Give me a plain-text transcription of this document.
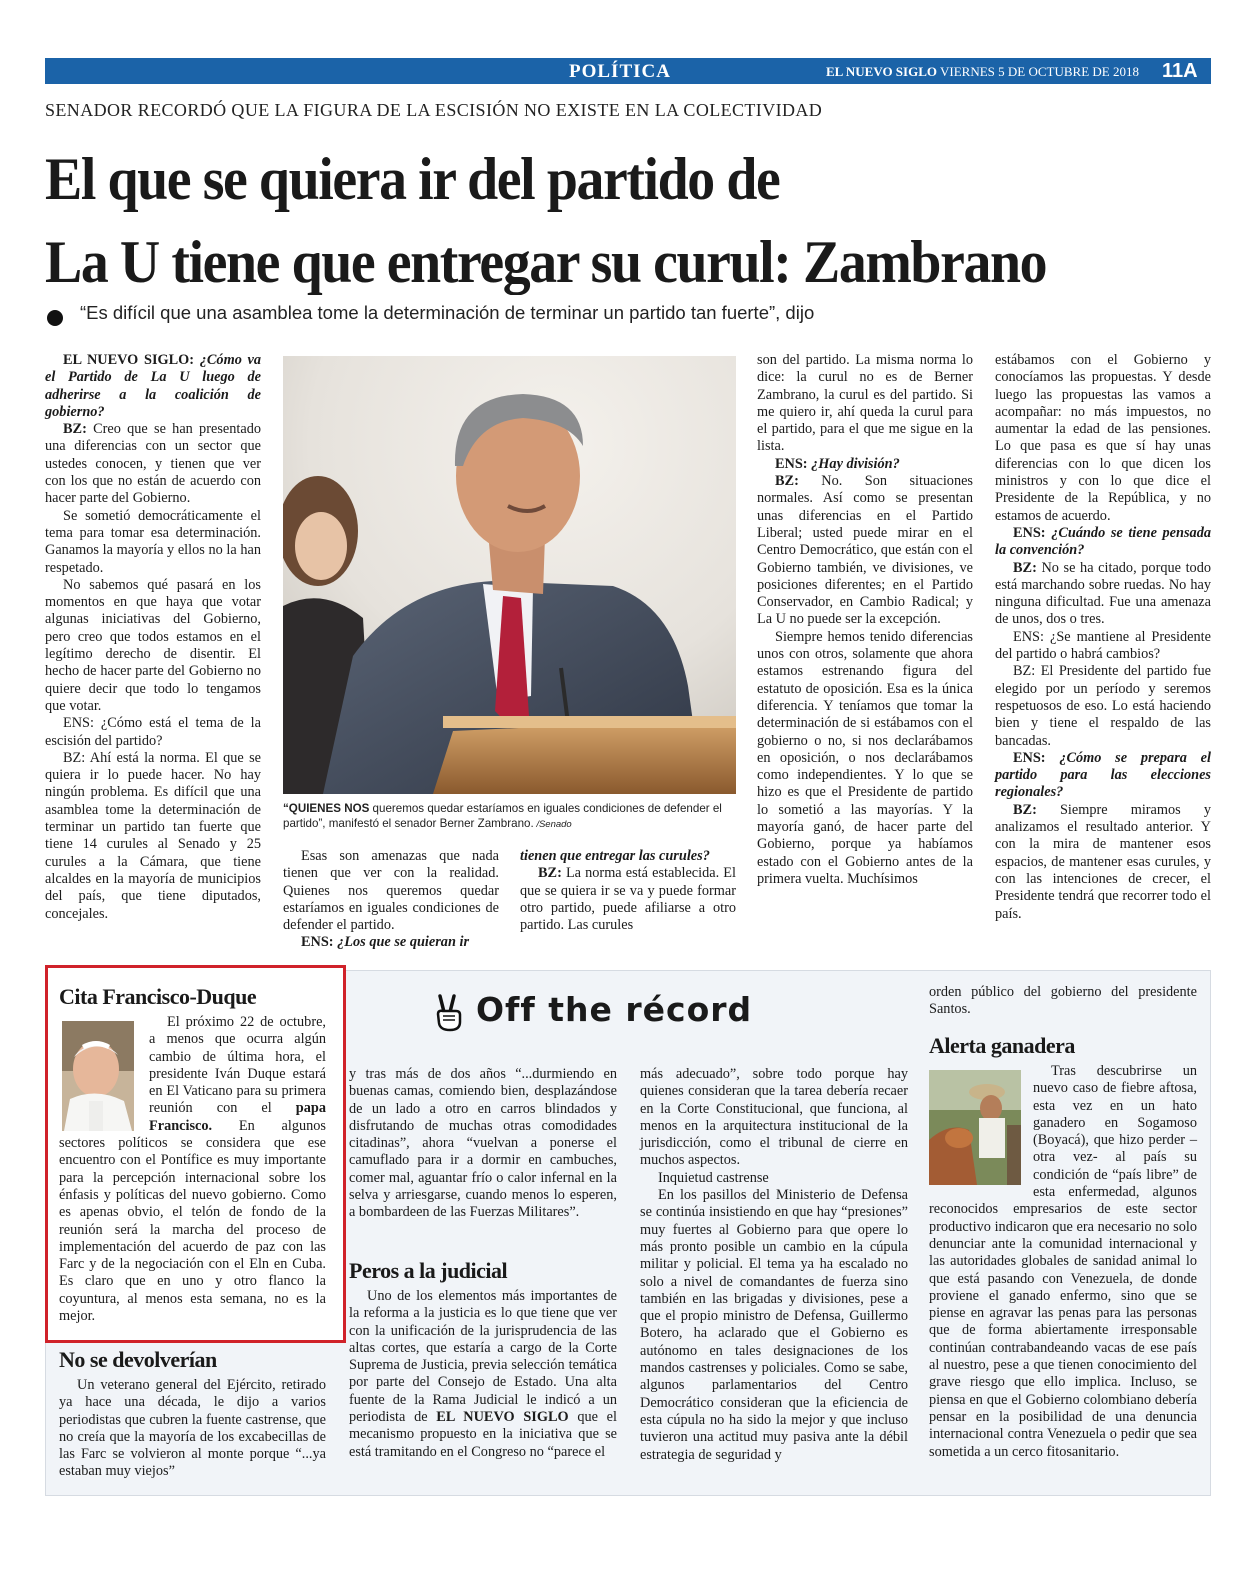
POLÍTICA	EL NUEVO SIGLO VIERNES 5 DE OCTUBRE DE 2018 11A
SENADOR RECORDÓ QUE LA FIGURA DE LA ESCISIÓN NO EXISTE EN LA COLECTIVIDAD
El que se quiera ir del partido de
La U tiene que entregar su curul: Zambrano
“Es difícil que una asamblea tome la determinación de terminar un partido tan fuerte”, dijo

EL NUEVO SIGLO: ¿Cómo va el Partido de La U luego de adherirse a la coalición de gobierno?

BZ: Creo que se han presentado una diferencias con un sector que ustedes conocen, y tienen que ver con los que no están de acuerdo con hacer parte del Gobierno.

Se sometió democráticamente el tema para tomar esa determinación. Ganamos la mayoría y ellos no la han respetado.

No sabemos qué pasará en los momentos en que haya que votar algunas iniciativas del Gobierno, pero creo que todos estamos en el legítimo derecho de disentir. El hecho de hacer parte del Gobierno no quiere decir que todo lo tengamos que votar.

ENS: ¿Cómo está el tema de la escisión del partido?

BZ: Ahí está la norma. El que se quiera ir lo puede hacer. No hay ningún problema. Es difícil que una asamblea tome la determinación de terminar un partido tan fuerte que tiene 14 curules al Senado y 25 curules a la Cámara, que tiene alcaldes en la mayoría de municipios del país, que tiene diputados, concejales.

Esas son amenazas que nada tienen que ver con la realidad. Quienes nos queremos quedar estaríamos en iguales condiciones de defender el partido.

ENS: ¿Los que se quieran ir

tienen que entregar las curules?

BZ: La norma está establecida. El que se quiera ir se va y puede formar otro partido, puede afiliarse a otro partido. Las curules

son del partido. La misma norma lo dice: la curul no es de Berner Zambrano, la curul es del partido. Si me quiero ir, ahí queda la curul para el partido, para el que me sigue en la lista.

ENS: ¿Hay división?

BZ: No. Son situaciones normales. Así como se presentan unas diferencias en el Partido Liberal; usted puede mirar en el Centro Democrático, que están con el Gobierno también, ve divisiones, ve posiciones diferentes; en el Partido Conservador, en Cambio Radical; y La U no puede ser la excepción.

Siempre hemos tenido diferencias unos con otros, solamente que ahora estamos estrenando figura del estatuto de oposición. Esa es la única diferencia. Y teníamos que tomar la determinación de si estábamos con el gobierno o no, si nos declarábamos en oposición, o nos declarábamos como independientes. Y lo que se hizo es que el Presidente de partido lo sometió a las mayorías. Y la mayoría ganó, de hacer parte del Gobierno, porque ya habíamos estado con el Gobierno antes de la primera vuelta. Muchísimos

estábamos con el Gobierno y conocíamos las propuestas. Y desde luego las propuestas las vamos a acompañar: no más impuestos, no aumentar la edad de las pensiones. Lo que pasa es que sí hay unas diferencias con lo que dicen los ministros y con lo que dice el Presidente de la República, y no estamos de acuerdo.

ENS: ¿Cuándo se tiene pensada la convención?

BZ: No se ha citado, porque todo está marchando sobre ruedas. No hay ninguna dificultad. Fue una amenaza de unos, dos o tres.

ENS: ¿Se mantiene al Presidente del partido o habrá cambios?

BZ: El Presidente del partido fue elegido por un período y seremos respetuosos de eso. Lo está haciendo bien y tiene el respaldo de las bancadas.

ENS: ¿Cómo se prepara el partido para las elecciones regionales?

BZ: Siempre miramos y analizamos el resultado anterior. Y con la mira de mantener esos espacios, de mantener esas curules, y con las intenciones de crecer, el Presidente tendrá que recorrer todo el país.

“QUIENES NOS queremos quedar estaríamos en iguales condiciones de defender el partido”, manifestó el senador Berner Zambrano. /Senado
Cita Francisco-Duque

El próximo 22 de octubre, a menos que ocurra algún cambio de última hora, el presidente Iván Duque estará en El Vaticano para su primera reunión con el papa Francisco. En algunos sectores políticos se considera que ese encuentro con el Pontífice es muy importante para la percepción internacional sobre los énfasis y políticas del nuevo gobierno. Como es apenas obvio, el telón de fondo de la reunión será la marcha del proceso de implementación del acuerdo de paz con las Farc y de la negociación con el Eln en Cuba. Es claro que en uno y otro flanco la coyuntura, al menos esta semana, no es la mejor.

No se devolverían

Un veterano general del Ejército, retirado ya hace una década, le dijo a varios periodistas que cubren la fuente castrense, que no creía que la mayoría de los excabecillas de las Farc se volvieron al monte porque “...ya estaban muy viejos”

Off the récord

y tras más de dos años “...durmiendo en buenas camas, comiendo bien, desplazándose de un lado a otro en carros blindados y disfrutando de muchas otras comodidades citadinas”, ahora “vuelvan a ponerse el camuflado para ir a dormir en cambuches, comer mal, aguantar frío o calor infernal en la selva y arriesgarse, cuando menos lo esperen, a bombardeen de las Fuerzas Militares”.

Peros a la judicial

Uno de los elementos más importantes de la reforma a la justicia es lo que tiene que ver con la unificación de la jurisprudencia de las altas cortes, que estaría a cargo de la Corte Suprema de Justicia, previa selección temática por parte del Consejo de Estado. Una alta fuente de la Rama Judicial le indicó a un periodista de EL NUEVO SIGLO que el mecanismo propuesto en la iniciativa que se está tramitando en el Congreso no “parece el

más adecuado”, sobre todo porque hay quienes consideran que la tarea debería recaer en la Corte Constitucional, que funciona, al menos en la arquitectura institucional de la jurisdicción, como el tribunal de cierre en muchos aspectos.

Inquietud castrense

En los pasillos del Ministerio de Defensa se continúa insistiendo en que hay “presiones” muy fuertes al Gobierno para que opere lo más pronto posible un cambio en la cúpula militar y policial. El tema ya ha escalado no solo a nivel de comandantes de fuerza sino también en las brigadas y divisiones, pese a que el propio ministro de Defensa, Guillermo Botero, ha aclarado que el Gobierno es autónomo en tales designaciones de los mandos castrenses y policiales. Como se sabe, algunos parlamentarios del Centro Democrático consideran que la eficiencia de esta cúpula no ha sido la mejor y que incluso tuvieron una actitud muy pasiva ante la débil estrategia de seguridad y

orden público del gobierno del presidente Santos.

Alerta ganadera

Tras descubrirse un nuevo caso de fiebre aftosa, esta vez en un hato ganadero en Sogamoso (Boyacá), que hizo perder –otra vez- al país su condición de “país libre” de esta enfermedad, algunos reconocidos empresarios de este sector productivo indicaron que era necesario no solo denunciar ante la comunidad internacional y las autoridades globales de sanidad animal lo que está pasando con Venezuela, de donde proviene el ganado enfermo, sino que se piense en agravar las penas para las personas que de forma abiertamente irresponsable continúan contrabandeando vacas de ese país al nuestro, pese a que tienen conocimiento del grave riesgo que ello implica. Incluso, se piensa en que el Gobierno colombiano debería pensar en la posibilidad de una denuncia internacional contra Venezuela o pedir que sea sometida a un cerco fitosanitario.
